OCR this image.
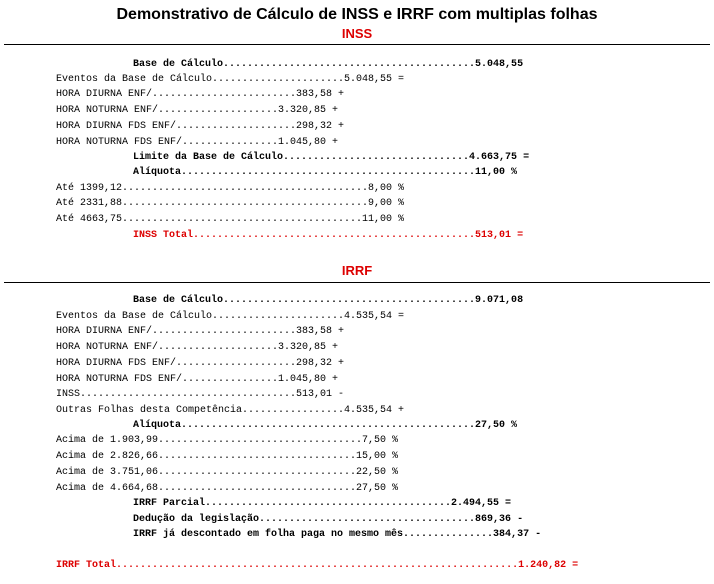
Demonstrativo de Cálculo de INSS e IRRF com multiplas folhas
INSS
Base de Cálculo..........................................5.048,55
Eventos da Base de Cálculo......................5.048,55 =
HORA DIURNA ENF/........................383,58 +
HORA NOTURNA ENF/....................3.320,85 +
HORA DIURNA FDS ENF/....................298,32 +
HORA NOTURNA FDS ENF/................1.045,80 +
Limite da Base de Cálculo...............................4.663,75 =
Alíquota.................................................11,00 %
Até 1399,12.........................................8,00 %
Até 2331,88.........................................9,00 %
Até 4663,75........................................11,00 %
INSS Total...............................................513,01 =
IRRF
Base de Cálculo..........................................9.071,08
Eventos da Base de Cálculo......................4.535,54 =
HORA DIURNA ENF/........................383,58 +
HORA NOTURNA ENF/....................3.320,85 +
HORA DIURNA FDS ENF/....................298,32 +
HORA NOTURNA FDS ENF/................1.045,80 +
INSS....................................513,01 -
Outras Folhas desta Competência.................4.535,54 +
Alíquota.................................................27,50 %
Acima de 1.903,99..................................7,50 %
Acima de 2.826,66.................................15,00 %
Acima de 3.751,06.................................22,50 %
Acima de 4.664,68.................................27,50 %
IRRF Parcial.........................................2.494,55 =
Dedução da legislação....................................869,36 -
IRRF já descontado em folha paga no mesmo mês...............384,37 -
IRRF Total...................................................................1.240,82 =
